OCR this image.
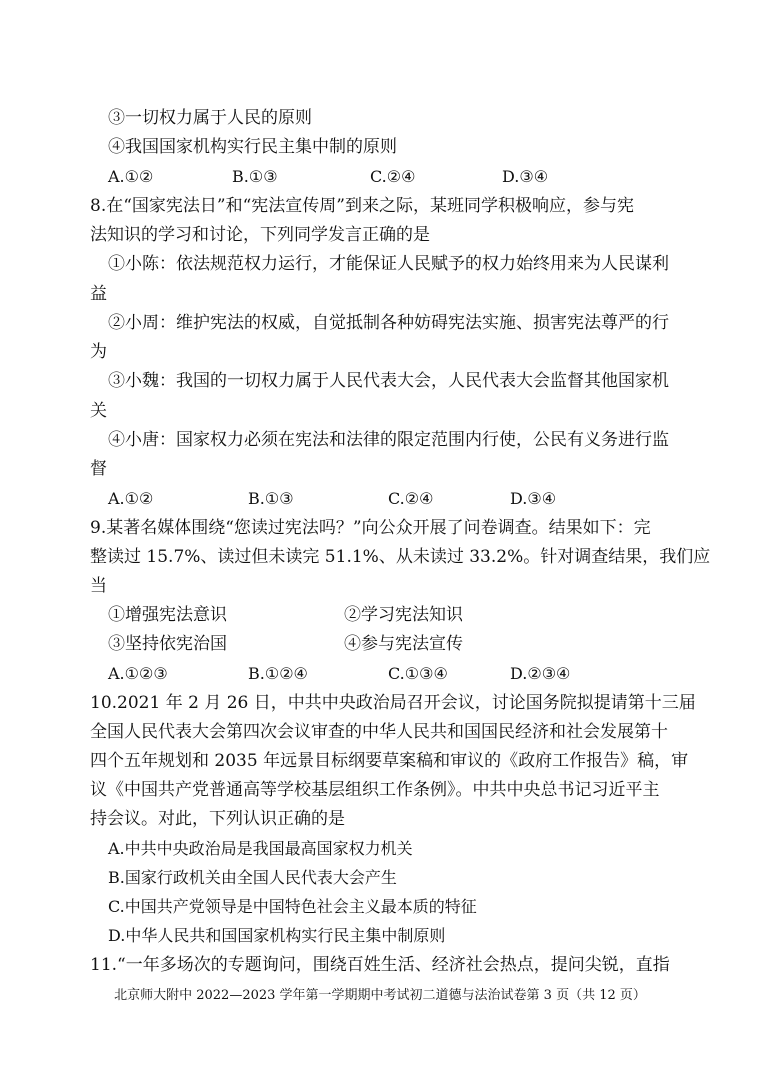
③一切权力属于人民的原则
④我国国家机构实行民主集中制的原则
A.①②	B.①③	C.②④	D.③④
8.在“国家宪法日”和“宪法宣传周”到来之际，某班同学积极响应，参与宪
法知识的学习和讨论，下列同学发言正确的是
①小陈：依法规范权力运行，才能保证人民赋予的权力始终用来为人民谋利
益
②小周：维护宪法的权威，自觉抵制各种妨碍宪法实施、损害宪法尊严的行
为
③小魏：我国的一切权力属于人民代表大会，人民代表大会监督其他国家机
关
④小唐：国家权力必须在宪法和法律的限定范围内行使，公民有义务进行监
督
A.①②	B.①③	C.②④	D.③④
9.某著名媒体围绕“您读过宪法吗？”向公众开展了问卷调查。结果如下：完
整读过 15.7%、读过但未读完 51.1%、从未读过 33.2%。针对调查结果，我们应
当
①增强宪法意识	②学习宪法知识
③坚持依宪治国	④参与宪法宣传
A.①②③	B.①②④	C.①③④	D.②③④
10.2021 年 2 月 26 日，中共中央政治局召开会议，讨论国务院拟提请第十三届
全国人民代表大会第四次会议审查的中华人民共和国国民经济和社会发展第十
四个五年规划和 2035 年远景目标纲要草案稿和审议的《政府工作报告》稿，审
议《中国共产党普通高等学校基层组织工作条例》。中共中央总书记习近平主
持会议。对此，下列认识正确的是
A.中共中央政治局是我国最高国家权力机关
B.国家行政机关由全国人民代表大会产生
C.中国共产党领导是中国特色社会主义最本质的特征
D.中华人民共和国国家机构实行民主集中制原则
11.“一年多场次的专题询问，围绕百姓生活、经济社会热点，提问尖锐，直指
北京师大附中 2022—2023 学年第一学期期中考试初二道德与法治试卷第 3 页（共 12 页）
